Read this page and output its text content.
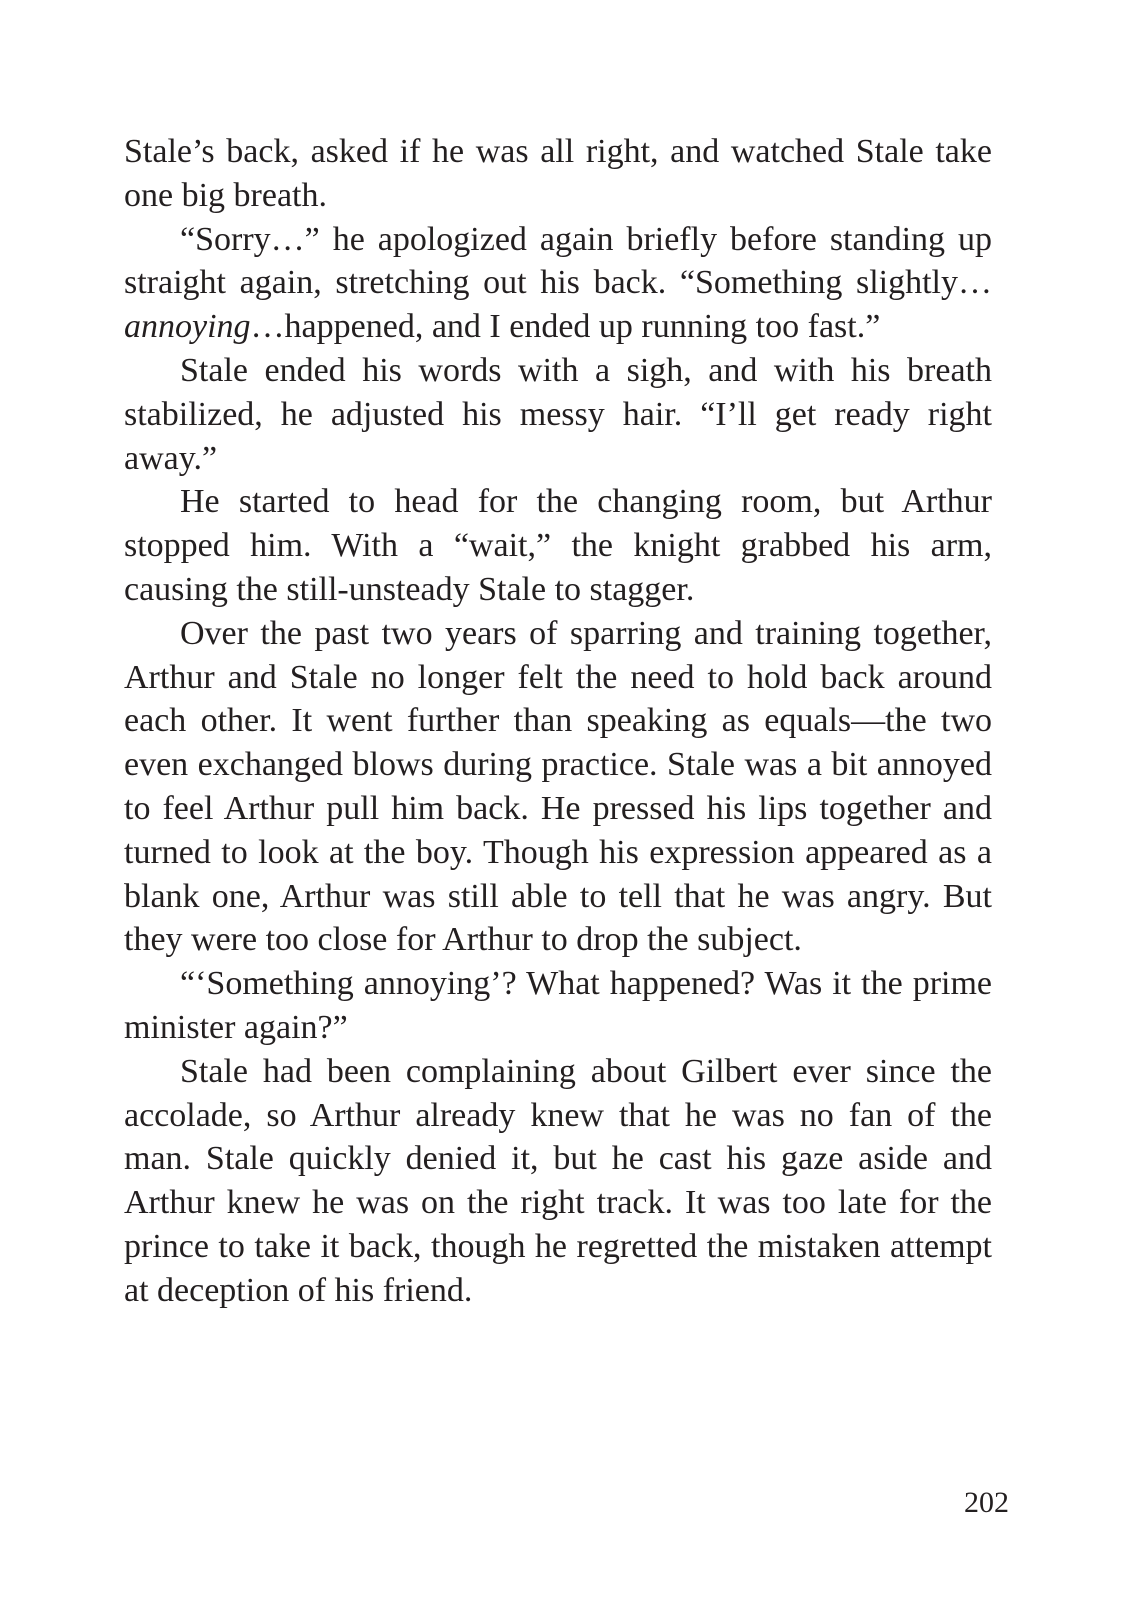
Stale’s back, asked if he was all right, and watched Stale take one big breath.

“Sorry…” he apologized again briefly before standing up straight again, stretching out his back. “Something slightly…annoying…happened, and I ended up running too fast.”

Stale ended his words with a sigh, and with his breath stabilized, he adjusted his messy hair. “I’ll get ready right away.”

He started to head for the changing room, but Arthur stopped him. With a “wait,” the knight grabbed his arm, causing the still-unsteady Stale to stagger.

Over the past two years of sparring and training together, Arthur and Stale no longer felt the need to hold back around each other. It went further than speaking as equals—the two even exchanged blows during practice. Stale was a bit annoyed to feel Arthur pull him back. He pressed his lips together and turned to look at the boy. Though his expression appeared as a blank one, Arthur was still able to tell that he was angry. But they were too close for Arthur to drop the subject.

“‘Something annoying’? What happened? Was it the prime minister again?”

Stale had been complaining about Gilbert ever since the accolade, so Arthur already knew that he was no fan of the man. Stale quickly denied it, but he cast his gaze aside and Arthur knew he was on the right track. It was too late for the prince to take it back, though he regretted the mistaken attempt at deception of his friend.

202
